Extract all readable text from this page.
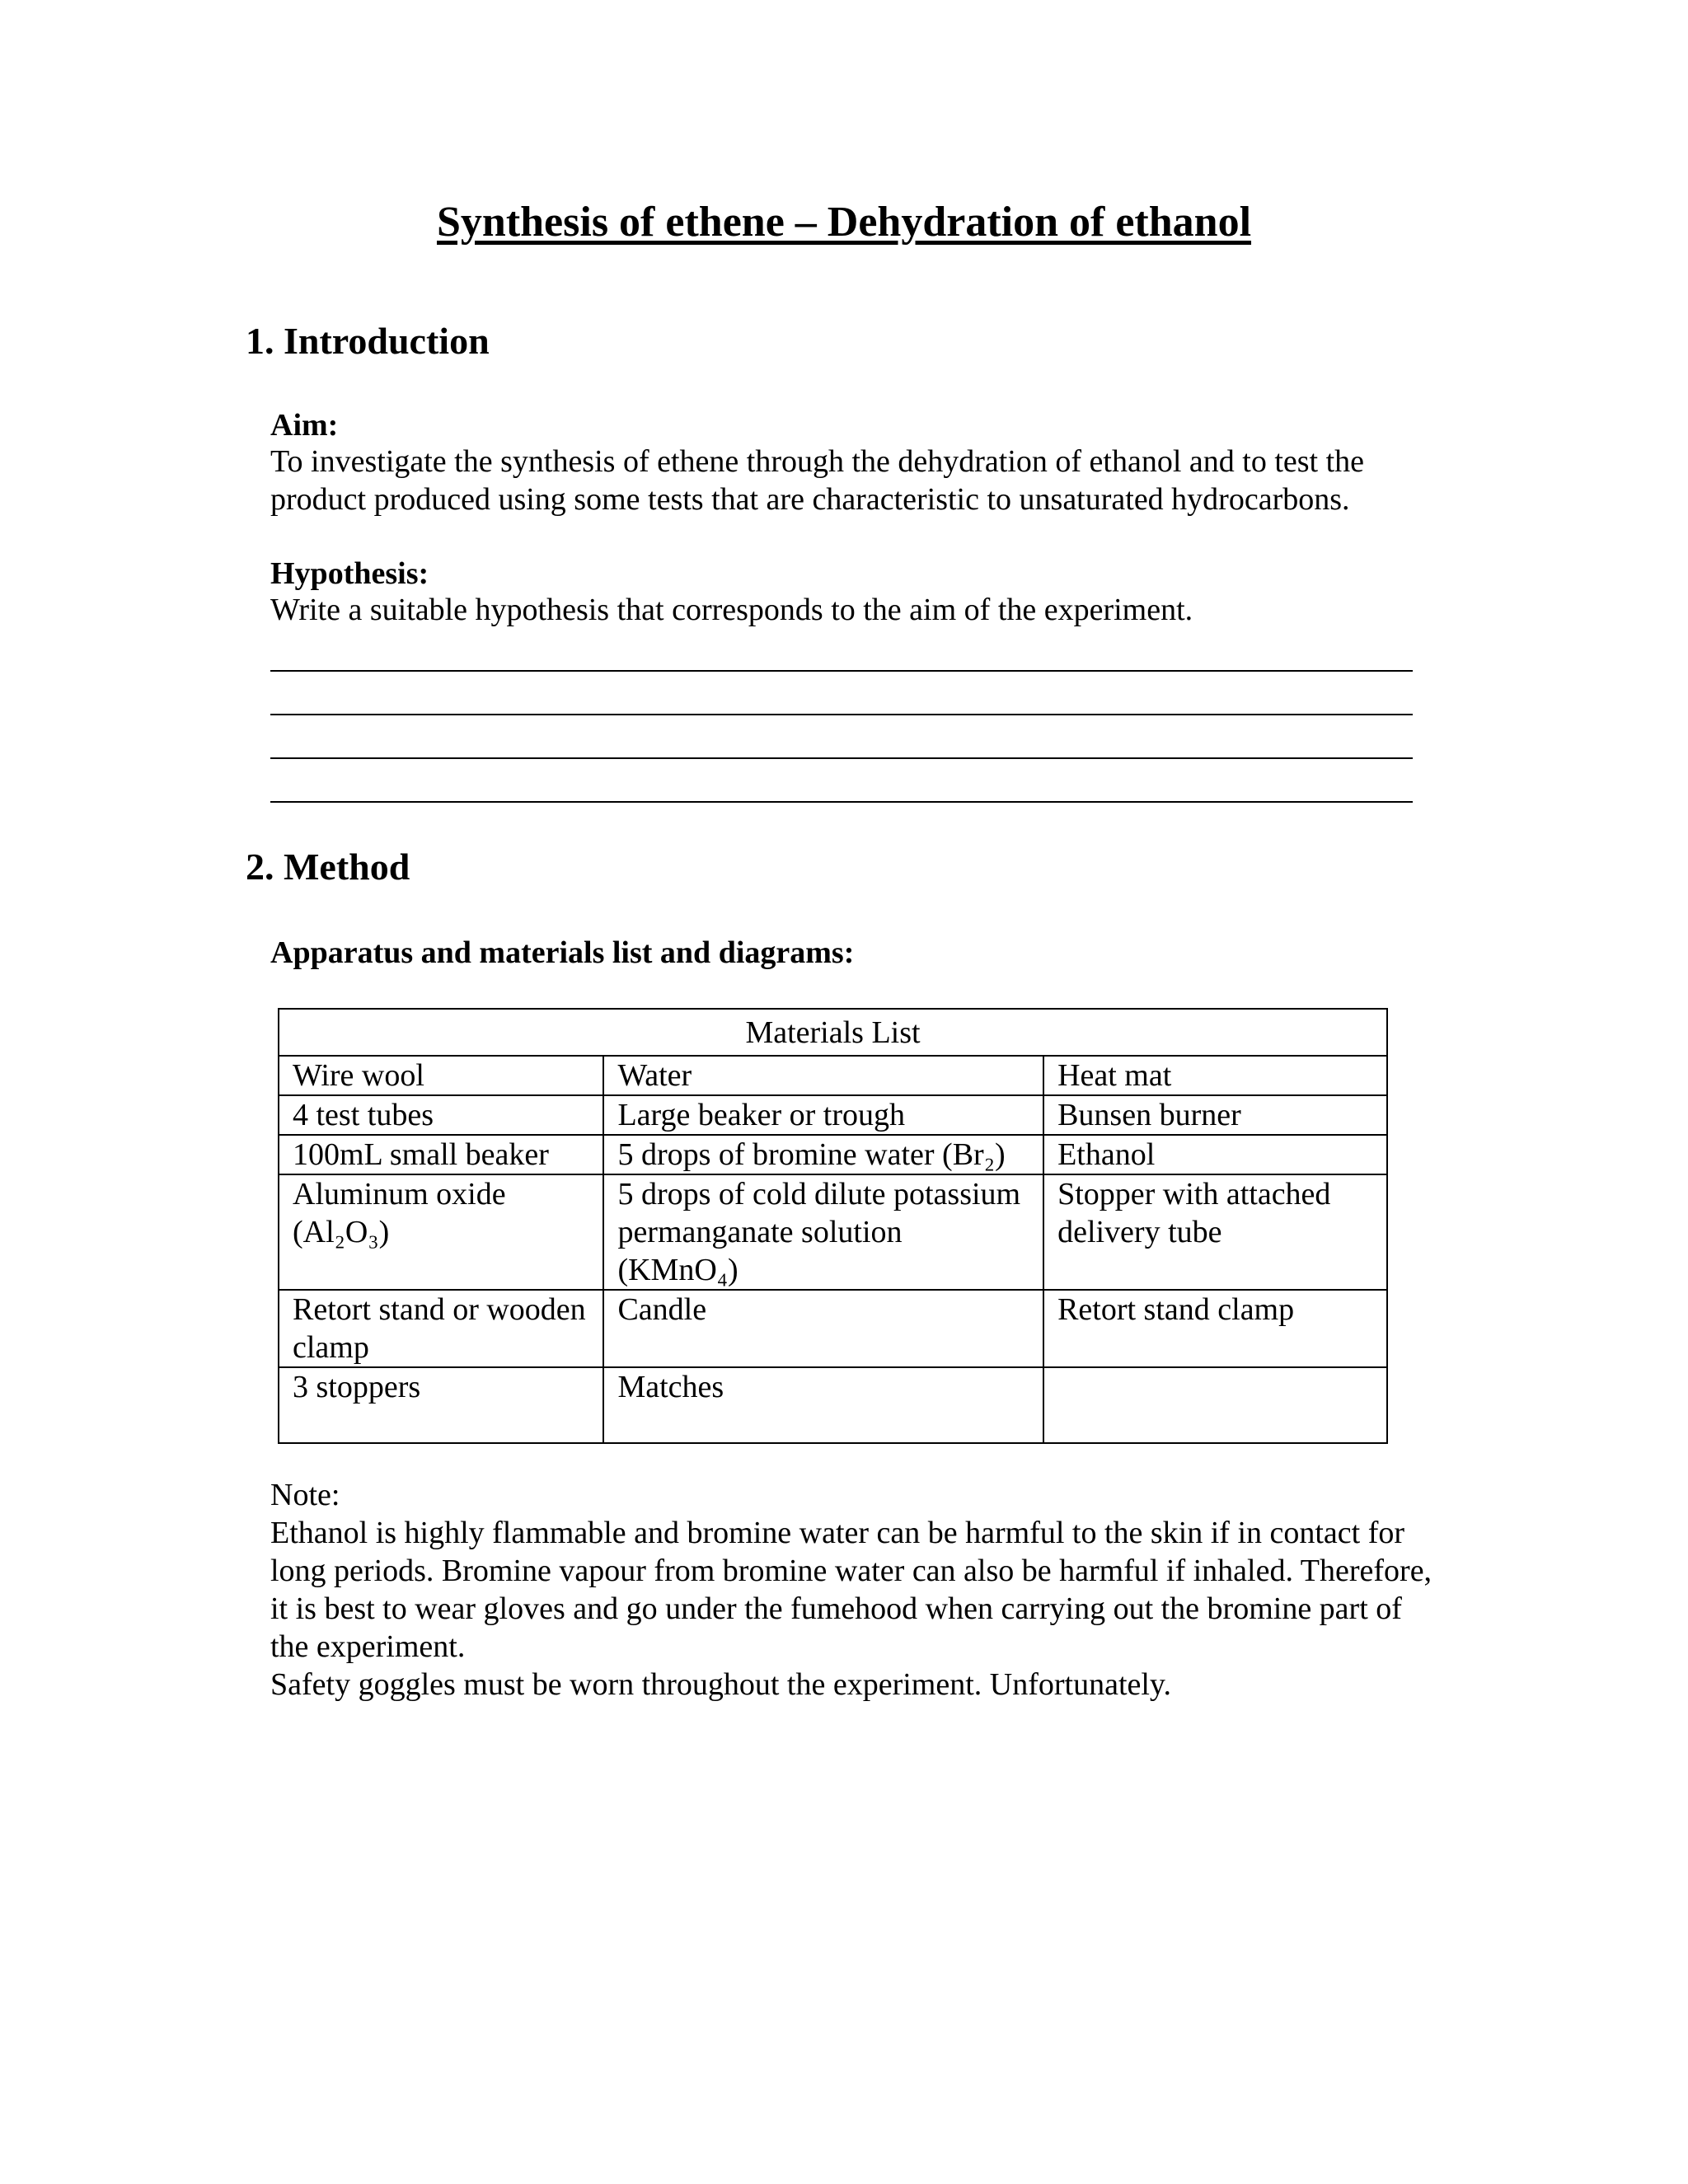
Synthesis of ethene – Dehydration of ethanol
1. Introduction
Aim:

To investigate the synthesis of ethene through the dehydration of ethanol and to test the product produced using some tests that are characteristic to unsaturated hydrocarbons.

Hypothesis:

Write a suitable hypothesis that corresponds to the aim of the experiment.

2. Method
Apparatus and materials list and diagrams:
Materials List		
Wire wool	Water	Heat mat
4 test tubes	Large beaker or trough	Bunsen burner
100mL small beaker	5 drops of bromine water (Br₂)	Ethanol
Aluminum oxide (Al₂O₃)	5 drops of cold dilute potassium permanganate solution (KMnO₄)	Stopper with attached delivery tube
Retort stand or wooden clamp	Candle	Retort stand clamp
3 stoppers	Matches	

Note:

Ethanol is highly flammable and bromine water can be harmful to the skin if in contact for long periods. Bromine vapour from bromine water can also be harmful if inhaled. Therefore, it is best to wear gloves and go under the fumehood when carrying out the bromine part of the experiment.

Safety goggles must be worn throughout the experiment. Unfortunately.
